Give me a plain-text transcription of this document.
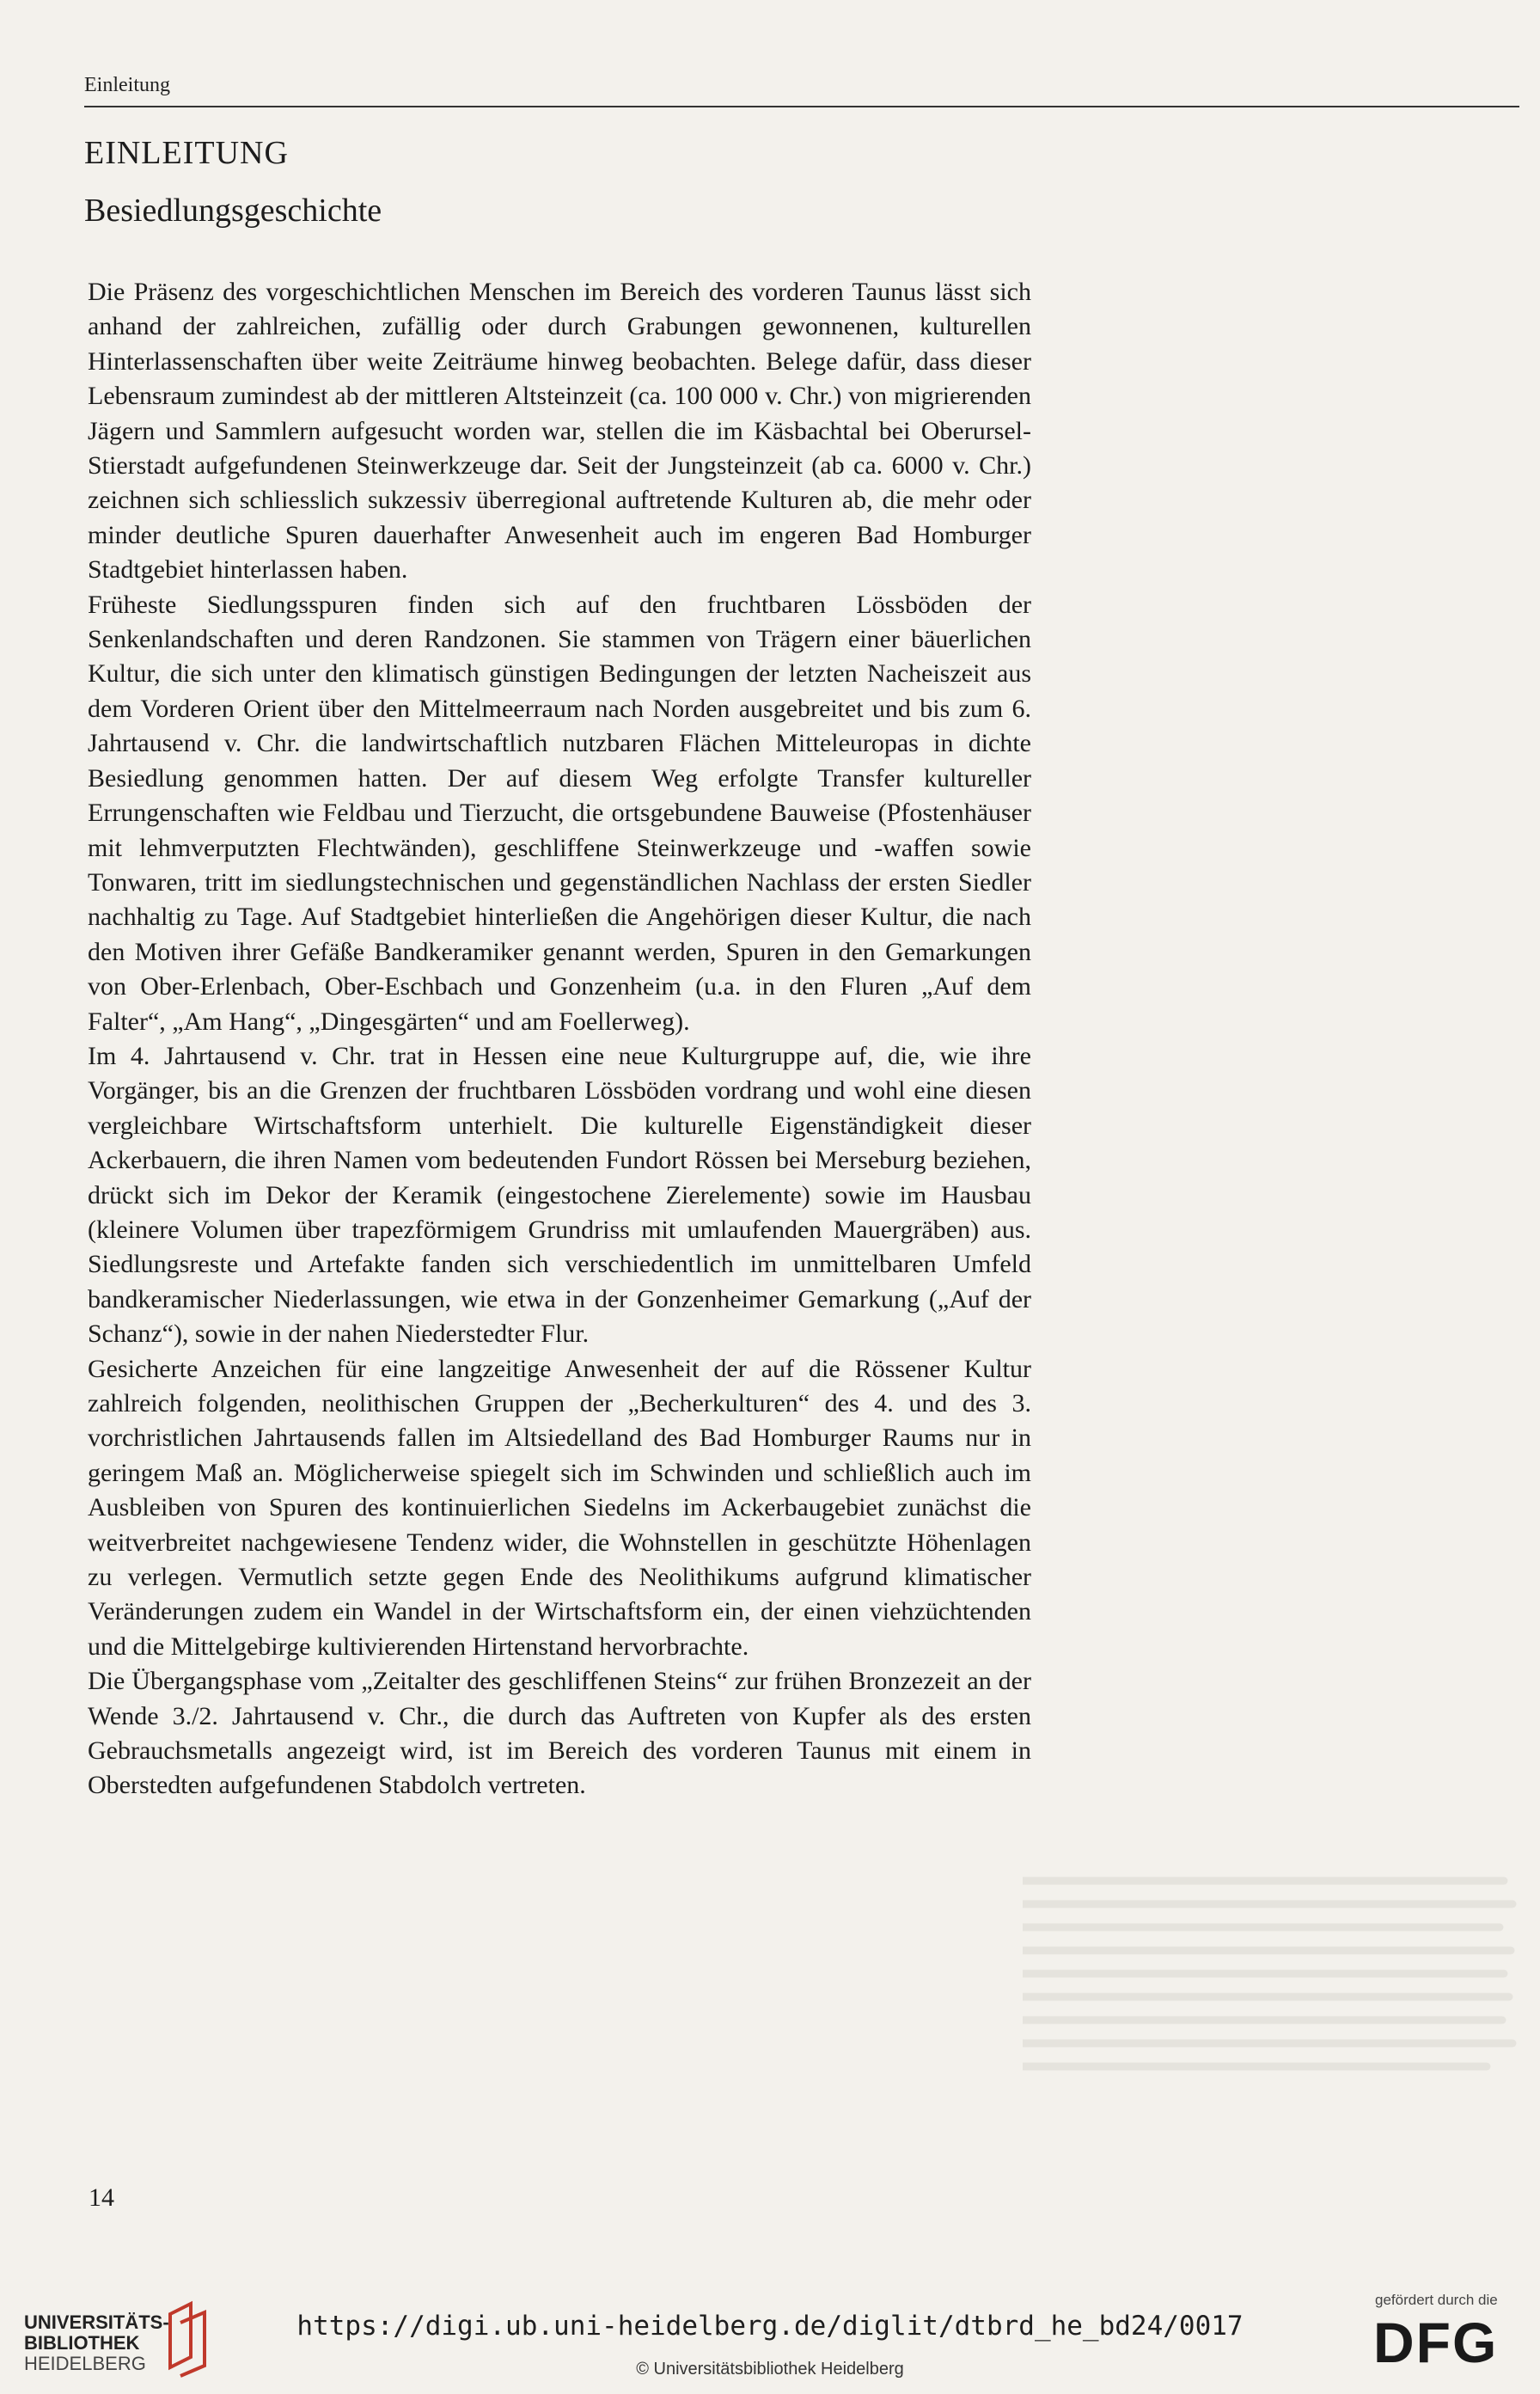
Einleitung
EINLEITUNG
Besiedlungsgeschichte

Die Präsenz des vorgeschichtlichen Menschen im Bereich des vorderen Taunus lässt sich anhand der zahlreichen, zufällig oder durch Grabungen gewonnenen, kulturellen Hinterlassenschaften über weite Zeiträume hinweg beobachten. Belege dafür, dass dieser Lebensraum zumindest ab der mittleren Altsteinzeit (ca. 100 000 v. Chr.) von migrierenden Jägern und Sammlern aufgesucht worden war, stellen die im Käsbachtal bei Oberursel-Stierstadt aufgefundenen Steinwerkzeuge dar. Seit der Jungsteinzeit (ab ca. 6000 v. Chr.) zeichnen sich schliesslich sukzessiv überregional auftretende Kulturen ab, die mehr oder minder deutliche Spuren dauerhafter Anwesenheit auch im engeren Bad Homburger Stadtgebiet hinterlassen haben.

Früheste Siedlungsspuren finden sich auf den fruchtbaren Lössböden der Senkenlandschaften und deren Randzonen. Sie stammen von Trägern einer bäuerlichen Kultur, die sich unter den klimatisch günstigen Bedingungen der letzten Nacheiszeit aus dem Vorderen Orient über den Mittelmeerraum nach Norden ausgebreitet und bis zum 6. Jahrtausend v. Chr. die landwirtschaftlich nutzbaren Flächen Mitteleuropas in dichte Besiedlung genommen hatten. Der auf diesem Weg erfolgte Transfer kultureller Errungenschaften wie Feldbau und Tierzucht, die ortsgebundene Bauweise (Pfostenhäuser mit lehmverputzten Flechtwänden), geschliffene Steinwerkzeuge und -waffen sowie Tonwaren, tritt im siedlungstechnischen und gegenständlichen Nachlass der ersten Siedler nachhaltig zu Tage. Auf Stadtgebiet hinterließen die Angehörigen dieser Kultur, die nach den Motiven ihrer Gefäße Bandkeramiker genannt werden, Spuren in den Gemarkungen von Ober-Erlenbach, Ober-Eschbach und Gonzenheim (u.a. in den Fluren „Auf dem Falter“, „Am Hang“, „Dingesgärten“ und am Foellerweg).

Im 4. Jahrtausend v. Chr. trat in Hessen eine neue Kulturgruppe auf, die, wie ihre Vorgänger, bis an die Grenzen der fruchtbaren Lössböden vordrang und wohl eine diesen vergleichbare Wirtschaftsform unterhielt. Die kulturelle Eigenständigkeit dieser Ackerbauern, die ihren Namen vom bedeutenden Fundort Rössen bei Merseburg beziehen, drückt sich im Dekor der Keramik (eingestochene Zierelemente) sowie im Hausbau (kleinere Volumen über trapezförmigem Grundriss mit umlaufenden Mauergräben) aus. Siedlungsreste und Artefakte fanden sich verschiedentlich im unmittelbaren Umfeld bandkeramischer Niederlassungen, wie etwa in der Gonzenheimer Gemarkung („Auf der Schanz“), sowie in der nahen Niederstedter Flur.

Gesicherte Anzeichen für eine langzeitige Anwesenheit der auf die Rössener Kultur zahlreich folgenden, neolithischen Gruppen der „Becherkulturen“ des 4. und des 3. vorchristlichen Jahrtausends fallen im Altsiedelland des Bad Homburger Raums nur in geringem Maß an. Möglicherweise spiegelt sich im Schwinden und schließlich auch im Ausbleiben von Spuren des kontinuierlichen Siedelns im Ackerbaugebiet zunächst die weitverbreitet nachgewiesene Tendenz wider, die Wohnstellen in geschützte Höhenlagen zu verlegen. Vermutlich setzte gegen Ende des Neolithikums aufgrund klimatischer Veränderungen zudem ein Wandel in der Wirtschaftsform ein, der einen viehzüchtenden und die Mittelgebirge kultivierenden Hirtenstand hervorbrachte.

Die Übergangsphase vom „Zeitalter des geschliffenen Steins“ zur frühen Bronzezeit an der Wende 3./2. Jahrtausend v. Chr., die durch das Auftreten von Kupfer als des ersten Gebrauchsmetalls angezeigt wird, ist im Bereich des vorderen Taunus mit einem in Oberstedten aufgefundenen Stabdolch vertreten.

14
UNIVERSITÄTS-
BIBLIOTHEK
HEIDELBERG
https://digi.ub.uni-heidelberg.de/diglit/dtbrd_he_bd24/0017
© Universitätsbibliothek Heidelberg
gefördert durch die
DFG
